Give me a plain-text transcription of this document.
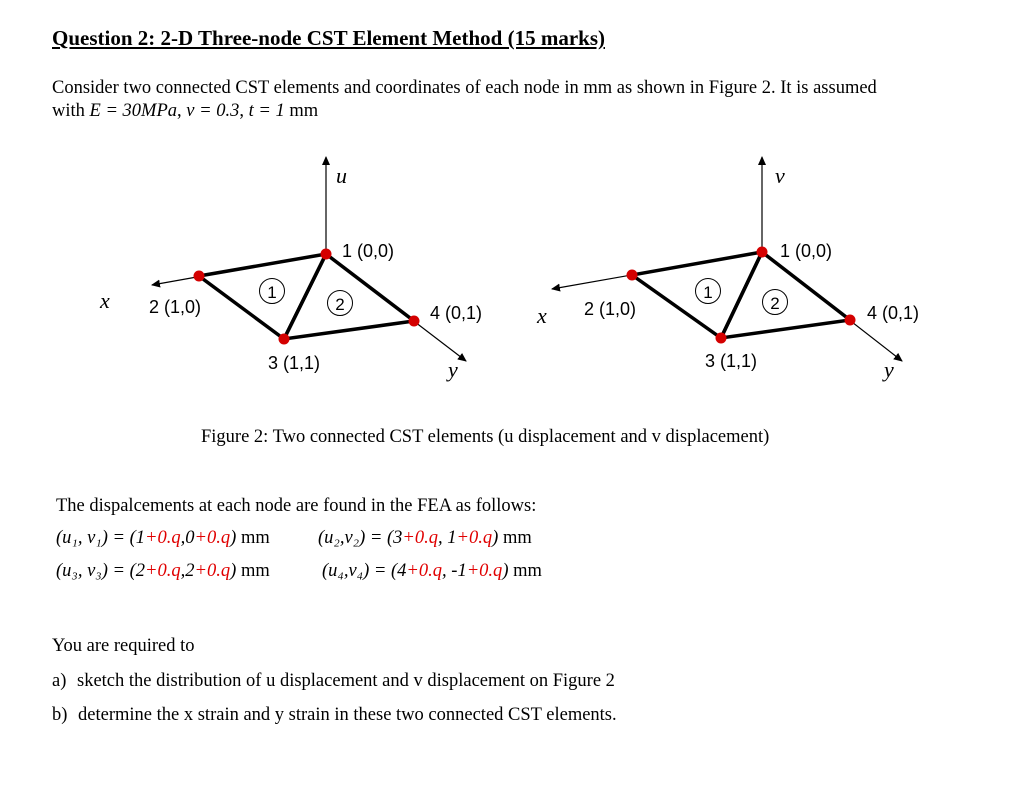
Question 2: 2-D Three-node CST Element Method (15 marks)
Consider two connected CST elements and coordinates of each node in mm as shown in Figure 2. It is assumed
with E = 30MPa, ν = 0.3, t = 1 mm
1
2
u
x
y
1 (0,0)
2 (1,0)
3 (1,1)
4 (0,1)
1
2
v
x
y
1 (0,0)
2 (1,0)
3 (1,1)
4 (0,1)
Figure 2: Two connected CST elements (u displacement and v displacement)
The dispalcements at each node are found in the FEA as follows:
(u₁, v₁) = (1+0.q,0+0.q) mm	(u₂,v₂) = (3+0.q, 1+0.q) mm
(u₃, v₃) = (2+0.q,2+0.q) mm	(u₄,v₄) = (4+0.q, -1+0.q) mm
You are required to
a) sketch the distribution of u displacement and v displacement on Figure 2
b) determine the x strain and y strain in these two connected CST elements.
